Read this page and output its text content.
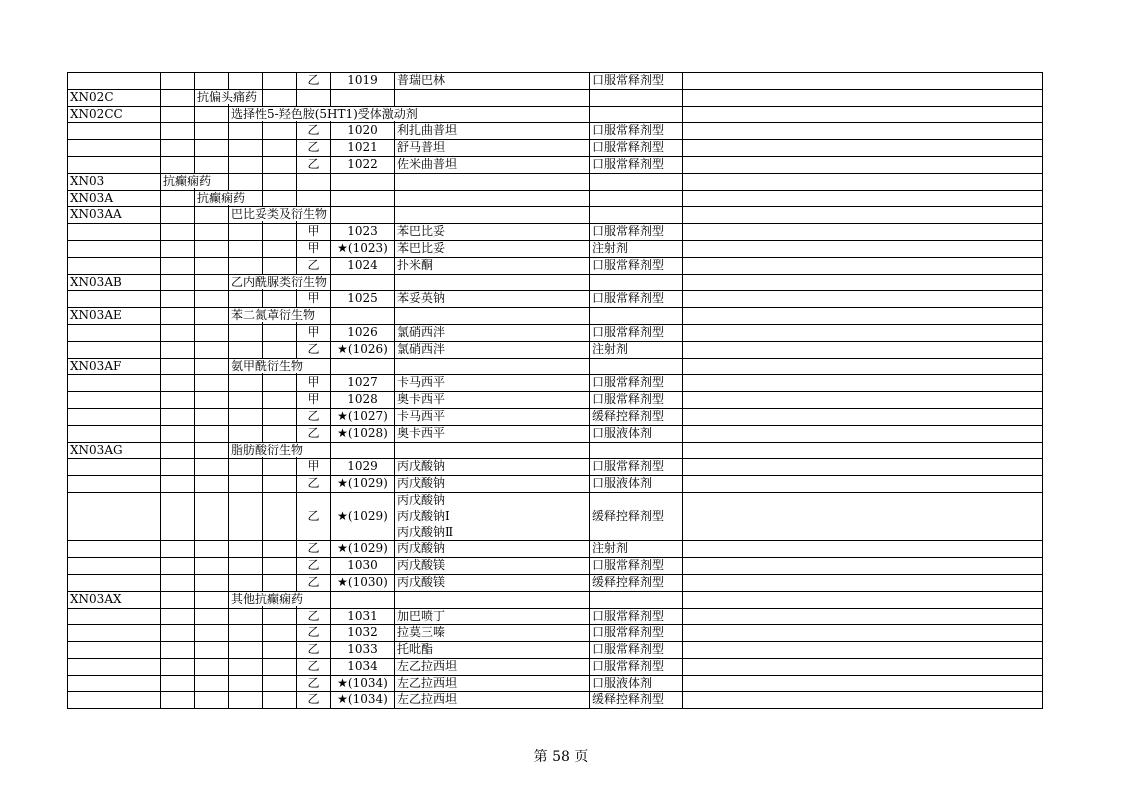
					乙	1019	普瑞巴林	口服常释剂型	
XN02C		抗偏头痛药							
XN02CC			选择性5-羟色胺(5HT1)受体激动剂						
					乙	1020	利扎曲普坦	口服常释剂型	
					乙	1021	舒马普坦	口服常释剂型	
					乙	1022	佐米曲普坦	口服常释剂型	
XN03	抗癫痫药								
XN03A		抗癫痫药							
XN03AA			巴比妥类及衍生物						
					甲	1023	苯巴比妥	口服常释剂型	
					甲	★(1023)	苯巴比妥	注射剂	
					乙	1024	扑米酮	口服常释剂型	
XN03AB			乙内酰脲类衍生物						
					甲	1025	苯妥英钠	口服常释剂型	
XN03AE			苯二氮䓬衍生物						
					甲	1026	氯硝西泮	口服常释剂型	
					乙	★(1026)	氯硝西泮	注射剂	
XN03AF			氨甲酰衍生物						
					甲	1027	卡马西平	口服常释剂型	
					甲	1028	奥卡西平	口服常释剂型	
					乙	★(1027)	卡马西平	缓释控释剂型	
					乙	★(1028)	奥卡西平	口服液体剂	
XN03AG			脂肪酸衍生物						
					甲	1029	丙戊酸钠	口服常释剂型	
					乙	★(1029)	丙戊酸钠	口服液体剂	
					乙	★(1029)	丙戊酸钠
丙戊酸钠Ⅰ
丙戊酸钠Ⅱ	缓释控释剂型	
					乙	★(1029)	丙戊酸钠	注射剂	
					乙	1030	丙戊酸镁	口服常释剂型	
					乙	★(1030)	丙戊酸镁	缓释控释剂型	
XN03AX			其他抗癫痫药						
					乙	1031	加巴喷丁	口服常释剂型	
					乙	1032	拉莫三嗪	口服常释剂型	
					乙	1033	托吡酯	口服常释剂型	
					乙	1034	左乙拉西坦	口服常释剂型	
					乙	★(1034)	左乙拉西坦	口服液体剂	
					乙	★(1034)	左乙拉西坦	缓释控释剂型	
第 58 页
